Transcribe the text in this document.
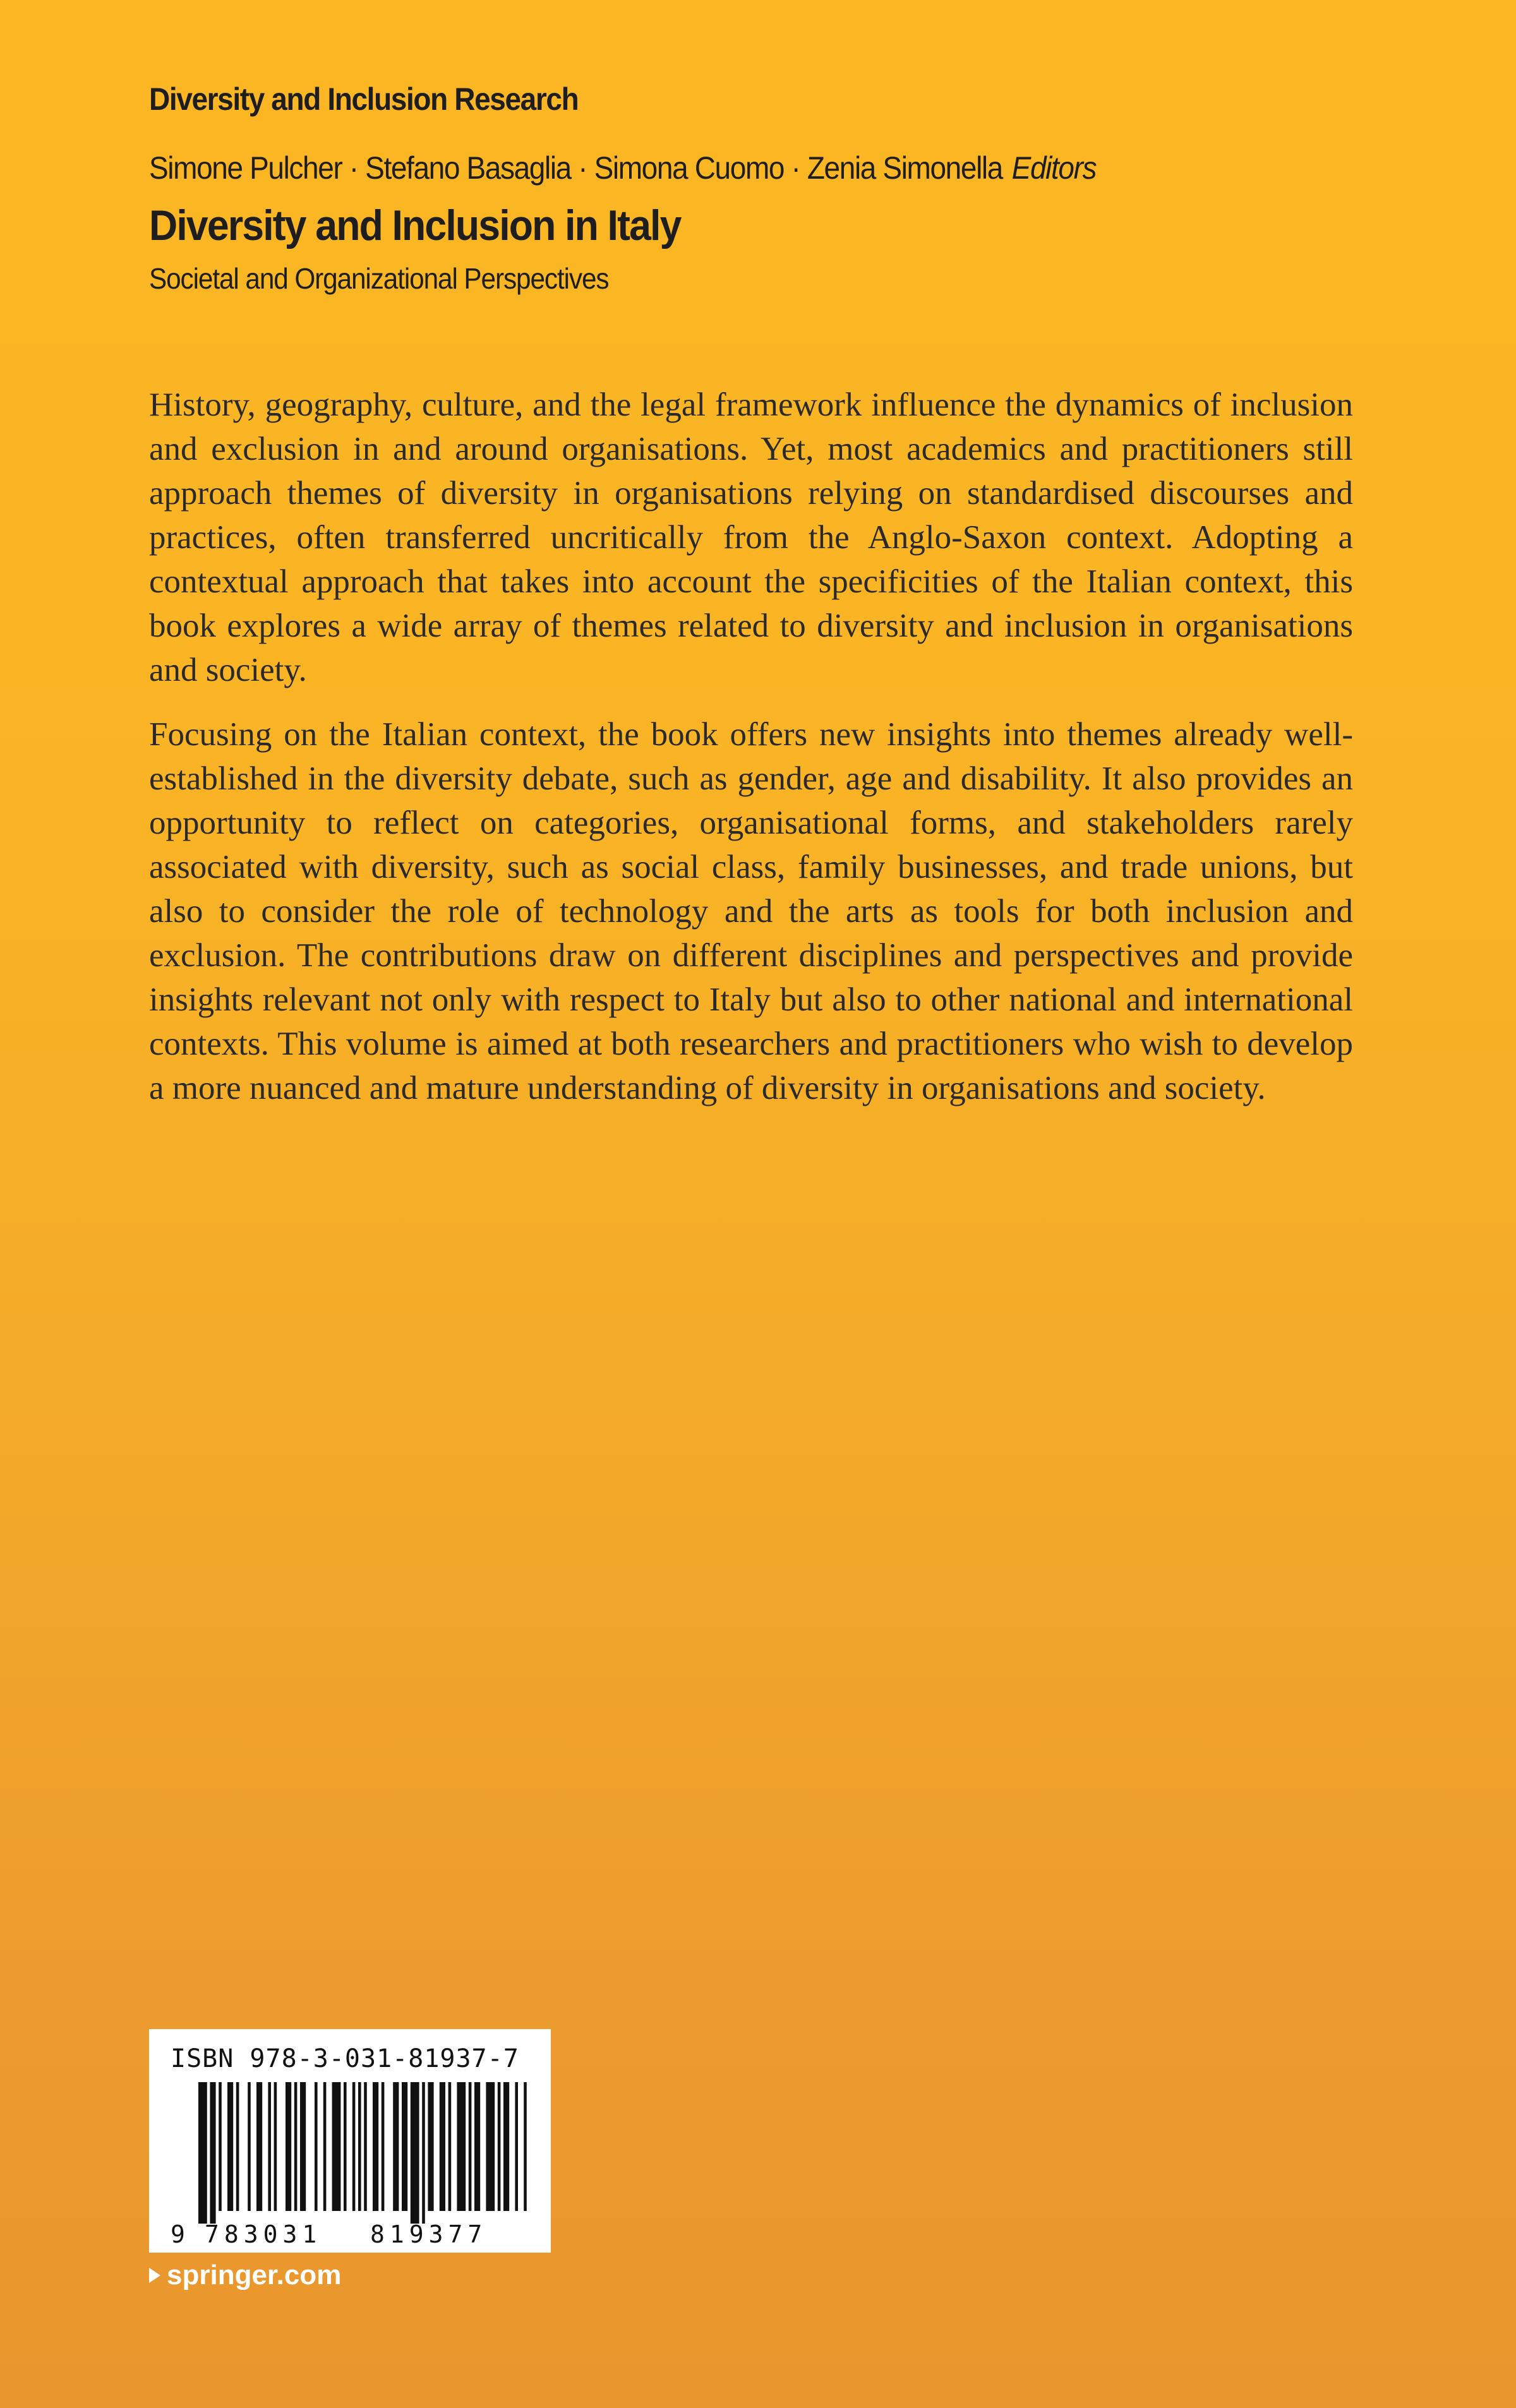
Diversity and Inclusion Research
Simone Pulcher · Stefano Basaglia · Simona Cuomo · Zenia Simonella Editors
Diversity and Inclusion in Italy
Societal and Organizational Perspectives

History, geography, culture, and the legal framework influence the dynamics of inclusion and exclusion in and around organisations. Yet, most academics and practitioners still approach themes of diversity in organisations relying on standardised discourses and practices, often transferred uncritically from the Anglo-Saxon context. Adopting a contextual approach that takes into account the specificities of the Italian context, this book explores a wide array of themes related to diversity and inclusion in organisations and society.

Focusing on the Italian context, the book offers new insights into themes already well-established in the diversity debate, such as gender, age and disability. It also provides an opportunity to reflect on categories, organisational forms, and stakeholders rarely associated with diversity, such as social class, family businesses, and trade unions, but also to consider the role of technology and the arts as tools for both inclusion and exclusion. The contributions draw on different disciplines and perspectives and provide insights relevant not only with respect to Italy but also to other national and international contexts. This volume is aimed at both researchers and practitioners who wish to develop a more nuanced and mature understanding of diversity in organisations and society.

ISBN 978-3-031-81937-7
9 783031 819377
springer.com
